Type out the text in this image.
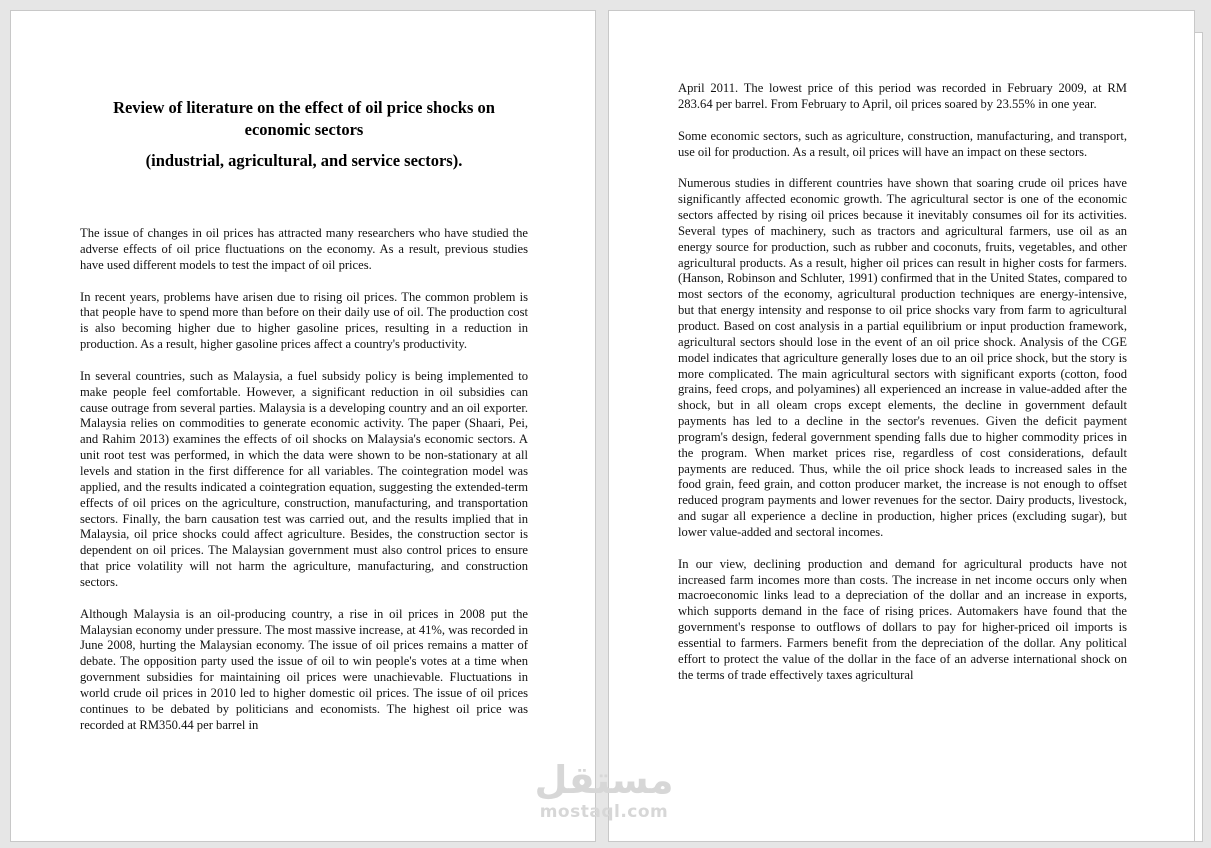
Review of literature on the effect of oil price shocks on
economic sectors
(industrial, agricultural, and service sectors).

The issue of changes in oil prices has attracted many researchers who have studied the adverse effects of oil price fluctuations on the economy. As a result, previous studies have used different models to test the impact of oil prices.

In recent years, problems have arisen due to rising oil prices. The common problem is that people have to spend more than before on their daily use of oil. The production cost is also becoming higher due to higher gasoline prices, resulting in a reduction in production. As a result, higher gasoline prices affect a country's productivity.

In several countries, such as Malaysia, a fuel subsidy policy is being implemented to make people feel comfortable. However, a significant reduction in oil subsidies can cause outrage from several parties. Malaysia is a developing country and an oil exporter. Malaysia relies on commodities to generate economic activity. The paper (Shaari, Pei, and Rahim 2013) examines the effects of oil shocks on Malaysia's economic sectors. A unit root test was performed, in which the data were shown to be non-stationary at all levels and station in the first difference for all variables. The cointegration model was applied, and the results indicated a cointegration equation, suggesting the extended-term effects of oil prices on the agriculture, construction, manufacturing, and transportation sectors. Finally, the barn causation test was carried out, and the results implied that in Malaysia, oil price shocks could affect agriculture. Besides, the construction sector is dependent on oil prices. The Malaysian government must also control prices to ensure that price volatility will not harm the agriculture, manufacturing, and construction sectors.

Although Malaysia is an oil-producing country, a rise in oil prices in 2008 put the Malaysian economy under pressure. The most massive increase, at 41%, was recorded in June 2008, hurting the Malaysian economy. The issue of oil prices remains a matter of debate. The opposition party used the issue of oil to win people's votes at a time when government subsidies for maintaining oil prices were unachievable. Fluctuations in world crude oil prices in 2010 led to higher domestic oil prices. The issue of oil prices continues to be debated by politicians and economists. The highest oil price was recorded at RM350.44 per barrel in

April 2011. The lowest price of this period was recorded in February 2009, at RM 283.64 per barrel. From February to April, oil prices soared by 23.55% in one year.

Some economic sectors, such as agriculture, construction, manufacturing, and transport, use oil for production. As a result, oil prices will have an impact on these sectors.

Numerous studies in different countries have shown that soaring crude oil prices have significantly affected economic growth. The agricultural sector is one of the economic sectors affected by rising oil prices because it inevitably consumes oil for its activities. Several types of machinery, such as tractors and agricultural farmers, use oil as an energy source for production, such as rubber and coconuts, fruits, vegetables, and other agricultural products. As a result, higher oil prices can result in higher costs for farmers. (Hanson, Robinson and Schluter, 1991) confirmed that in the United States, compared to most sectors of the economy, agricultural production techniques are energy-intensive, but that energy intensity and response to oil price shocks vary from farm to agricultural product. Based on cost analysis in a partial equilibrium or input production framework, agricultural sectors should lose in the event of an oil price shock. Analysis of the CGE model indicates that agriculture generally loses due to an oil price shock, but the story is more complicated. The main agricultural sectors with significant exports (cotton, food grains, feed crops, and polyamines) all experienced an increase in value-added after the shock, but in all oleam crops except elements, the decline in government default payments has led to a decline in the sector's revenues. Given the deficit payment program's design, federal government spending falls due to higher commodity prices in the program. When market prices rise, regardless of cost considerations, default payments are reduced. Thus, while the oil price shock leads to increased sales in the food grain, feed grain, and cotton producer market, the increase is not enough to offset reduced program payments and lower revenues for the sector. Dairy products, livestock, and sugar all experience a decline in production, higher prices (excluding sugar), but lower value-added and sectoral incomes.

In our view, declining production and demand for agricultural products have not increased farm incomes more than costs. The increase in net income occurs only when macroeconomic links lead to a depreciation of the dollar and an increase in exports, which supports demand in the face of rising prices. Automakers have found that the government's response to outflows of dollars to pay for higher-priced oil imports is essential to farmers. Farmers benefit from the depreciation of the dollar. Any political effort to protect the value of the dollar in the face of an adverse international shock on the terms of trade effectively taxes agricultural

مستقل
mostaql.com
